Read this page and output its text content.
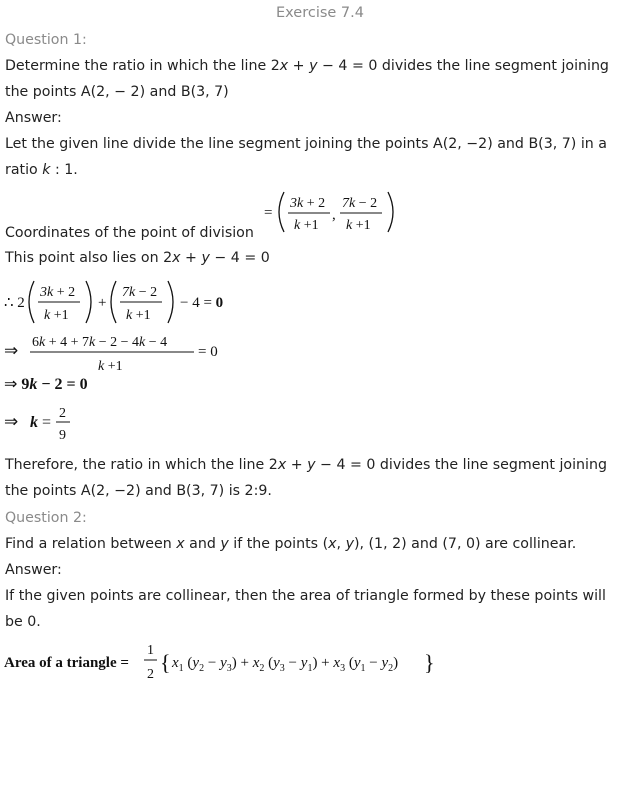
Exercise 7.4
Question 1:
Determine the ratio in which the line 2x + y − 4 = 0 divides the line segment joining
the points A(2, − 2) and B(3, 7)
Answer:
Let the given line divide the line segment joining the points A(2, −2) and B(3, 7) in a
ratio k : 1.
=
3k + 2
k +1
,
7k − 2
k +1
Coordinates of the point of division
This point also lies on 2x + y − 4 = 0
∴ 2
3k + 2
k +1
+
7k − 2
k +1
− 4 = 0
⇒ 6k + 4 + 7k − 2 − 4k − 4
k +1
= 0
⇒ 9k − 2 = 0
⇒ k =
2
9
Therefore, the ratio in which the line 2x + y − 4 = 0 divides the line segment joining
the points A(2, −2) and B(3, 7) is 2:9.
Question 2:
Find a relation between x and y if the points (x, y), (1, 2) and (7, 0) are collinear.
Answer:
If the given points are collinear, then the area of triangle formed by these points will
be 0.
Area of a triangle =
1
2 { $x_1$ $(y_2 - y_3) + x_2$ $(y_3 - y_1) + x_3$ $(y_1 - y_2)$ }
